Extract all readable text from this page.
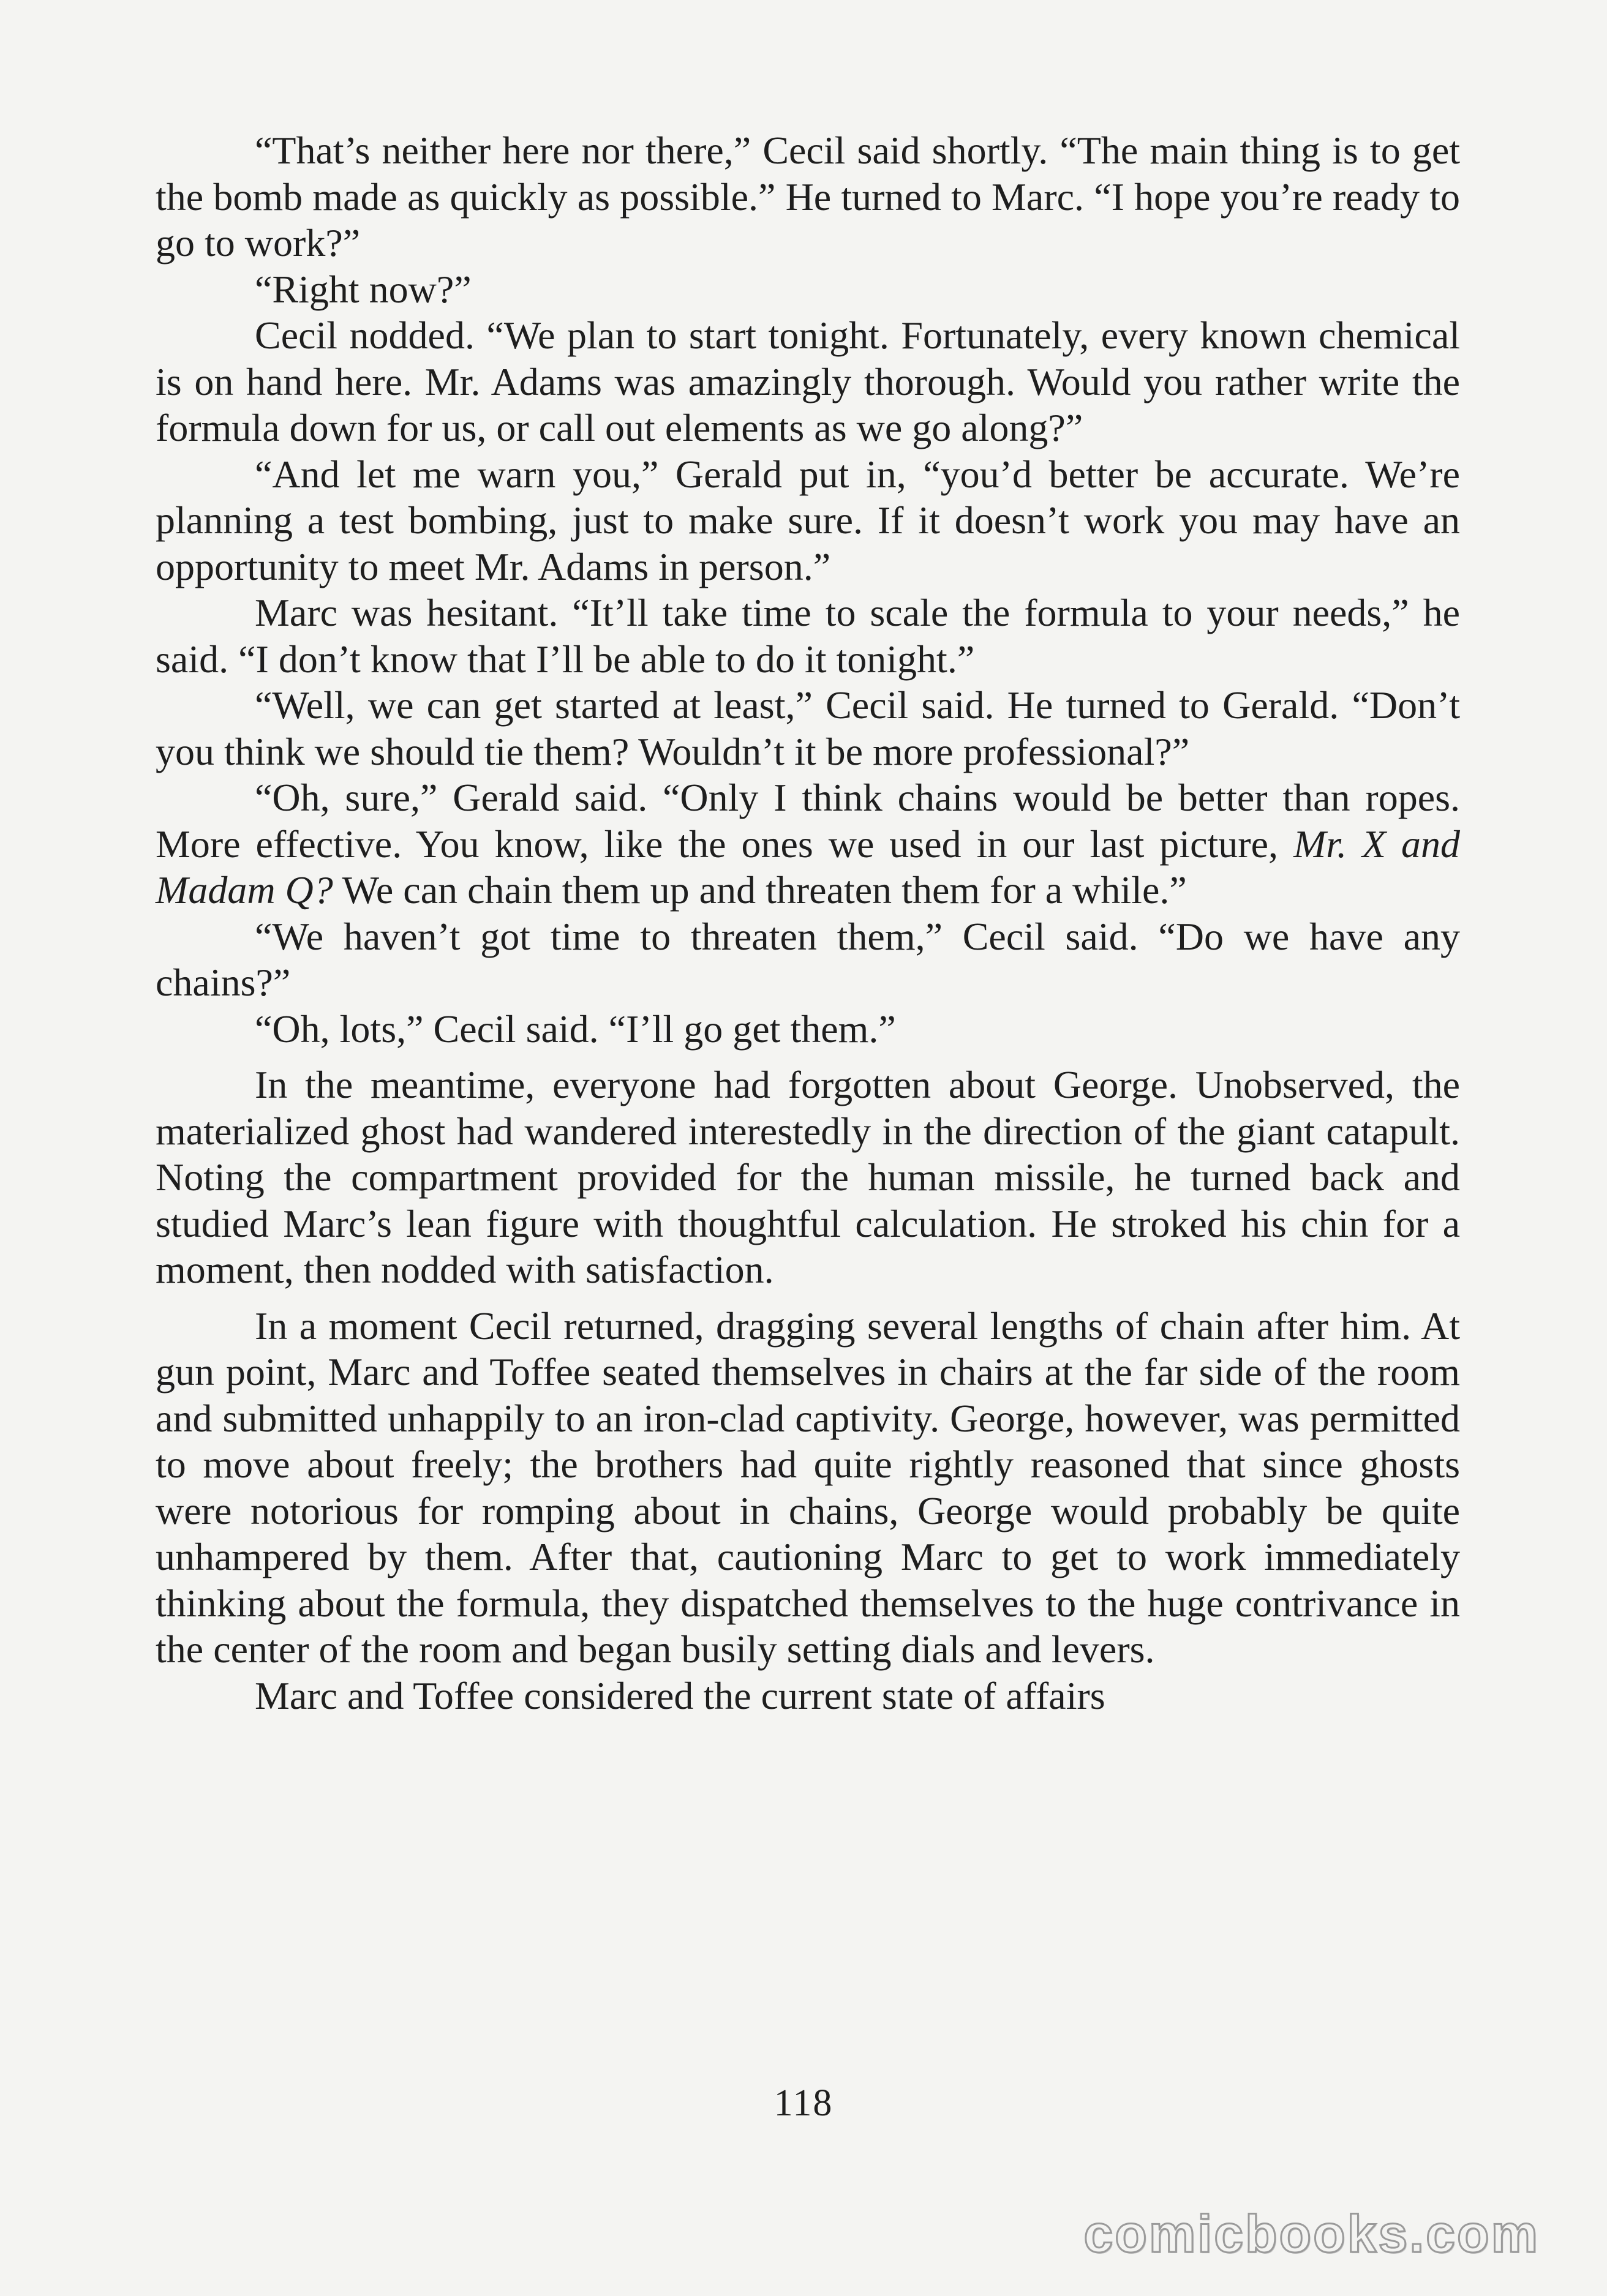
“That’s neither here nor there,” Cecil said shortly. “The main thing is to get the bomb made as quickly as possible.” He turned to Marc. “I hope you’re ready to go to work?”

“Right now?”

Cecil nodded. “We plan to start tonight. Fortunately, every known chemical is on hand here. Mr. Adams was amazingly thorough. Would you rather write the formula down for us, or call out elements as we go along?”

“And let me warn you,” Gerald put in, “you’d better be accurate. We’re planning a test bombing, just to make sure. If it doesn’t work you may have an opportunity to meet Mr. Adams in person.”

Marc was hesitant. “It’ll take time to scale the formula to your needs,” he said. “I don’t know that I’ll be able to do it tonight.”

“Well, we can get started at least,” Cecil said. He turned to Gerald. “Don’t you think we should tie them? Wouldn’t it be more professional?”

“Oh, sure,” Gerald said. “Only I think chains would be better than ropes. More effective. You know, like the ones we used in our last picture, Mr. X and Madam Q? We can chain them up and threaten them for a while.”

“We haven’t got time to threaten them,” Cecil said. “Do we have any chains?”

“Oh, lots,” Cecil said. “I’ll go get them.”

In the meantime, everyone had forgotten about George. Unobserved, the materialized ghost had wandered interestedly in the direction of the giant catapult. Noting the compartment provided for the human missile, he turned back and studied Marc’s lean figure with thoughtful calculation. He stroked his chin for a moment, then nodded with satisfaction.

In a moment Cecil returned, dragging several lengths of chain after him. At gun point, Marc and Toffee seated themselves in chairs at the far side of the room and submitted unhappily to an iron-clad captivity. George, however, was permitted to move about freely; the brothers had quite rightly reasoned that since ghosts were notorious for romping about in chains, George would probably be quite unhampered by them. After that, cautioning Marc to get to work immediately thinking about the formula, they dispatched themselves to the huge contrivance in the center of the room and began busily setting dials and levers.

Marc and Toffee considered the current state of affairs

118
comicbooks.com
